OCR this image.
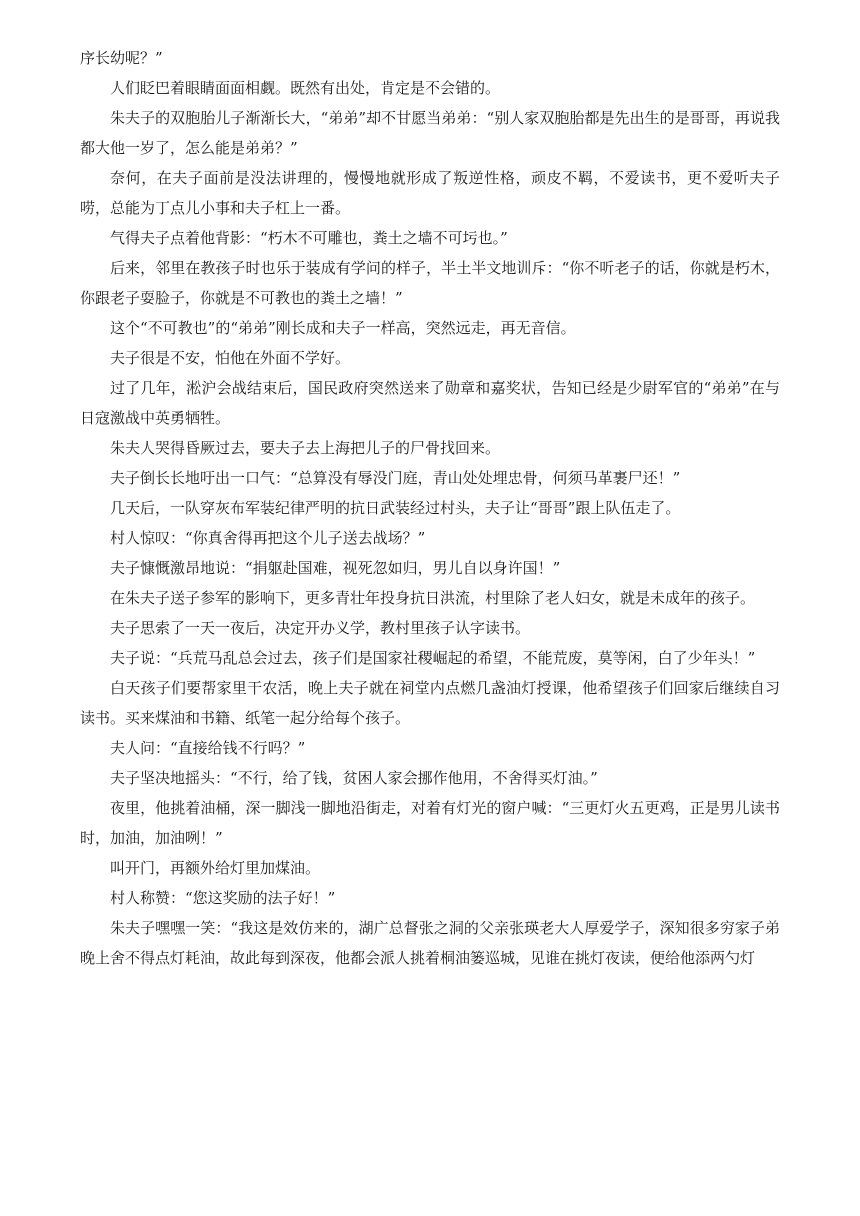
序长幼呢？”

人们眨巴着眼睛面面相觑。既然有出处，肯定是不会错的。

朱夫子的双胞胎儿子渐渐长大，“弟弟”却不甘愿当弟弟：“别人家双胞胎都是先出生的是哥哥，再说我都大他一岁了，怎么能是弟弟？”

奈何，在夫子面前是没法讲理的，慢慢地就形成了叛逆性格，顽皮不羁，不爱读书，更不爱听夫子唠，总能为丁点儿小事和夫子杠上一番。

气得夫子点着他背影：“朽木不可雕也，粪土之墙不可圬也。”

后来，邻里在教孩子时也乐于装成有学问的样子，半土半文地训斥：“你不听老子的话，你就是朽木，你跟老子耍脸子，你就是不可教也的粪土之墙！”

这个“不可教也”的“弟弟”刚长成和夫子一样高，突然远走，再无音信。

夫子很是不安，怕他在外面不学好。

过了几年，淞沪会战结束后，国民政府突然送来了勋章和嘉奖状，告知已经是少尉军官的“弟弟”在与日寇激战中英勇牺牲。

朱夫人哭得昏厥过去，要夫子去上海把儿子的尸骨找回来。

夫子倒长长地吁出一口气：“总算没有辱没门庭，青山处处埋忠骨，何须马革裹尸还！”

几天后，一队穿灰布军装纪律严明的抗日武装经过村头，夫子让“哥哥”跟上队伍走了。

村人惊叹：“你真舍得再把这个儿子送去战场？”

夫子慷慨激昂地说：“捐躯赴国难，视死忽如归，男儿自以身许国！”

在朱夫子送子参军的影响下，更多青壮年投身抗日洪流，村里除了老人妇女，就是未成年的孩子。

夫子思索了一天一夜后，决定开办义学，教村里孩子认字读书。

夫子说：“兵荒马乱总会过去，孩子们是国家社稷崛起的希望，不能荒废，莫等闲，白了少年头！”

白天孩子们要帮家里干农活，晚上夫子就在祠堂内点燃几盏油灯授课，他希望孩子们回家后继续自习读书。买来煤油和书籍、纸笔一起分给每个孩子。

夫人问：“直接给钱不行吗？”

夫子坚决地摇头：“不行，给了钱，贫困人家会挪作他用，不舍得买灯油。”

夜里，他挑着油桶，深一脚浅一脚地沿街走，对着有灯光的窗户喊：“三更灯火五更鸡，正是男儿读书时，加油，加油咧！”

叫开门，再额外给灯里加煤油。

村人称赞：“您这奖励的法子好！”

朱夫子嘿嘿一笑：“我这是效仿来的，湖广总督张之洞的父亲张瑛老大人厚爱学子，深知很多穷家子弟晚上舍不得点灯耗油，故此每到深夜，他都会派人挑着桐油篓巡城，见谁在挑灯夜读，便给他添两勺灯
